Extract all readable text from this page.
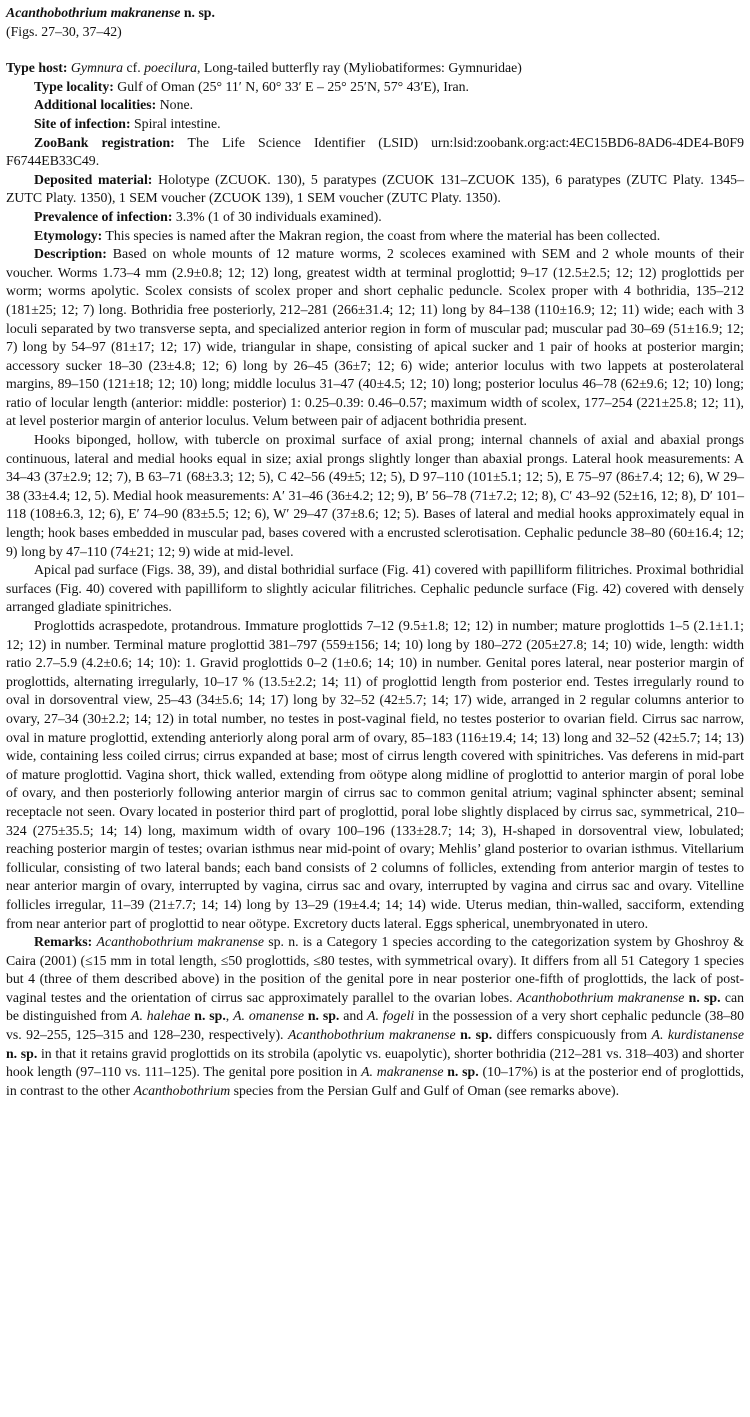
Acanthobothrium makranense n. sp.

(Figs. 27–30, 37–42)

Type host: Gymnura cf. poecilura, Long-tailed butterfly ray (Myliobatiformes: Gymnuridae)

Type locality: Gulf of Oman (25° 11′ N, 60° 33′ E – 25° 25′N, 57° 43′E), Iran.

Additional localities: None.

Site of infection: Spiral intestine.

ZooBank registration: The Life Science Identifier (LSID) urn:lsid:zoobank.org:act:4EC15BD6-8AD6-4DE4-B0F9 F6744EB33C49.

Deposited material: Holotype (ZCUOK. 130), 5 paratypes (ZCUOK 131–ZCUOK 135), 6 paratypes (ZUTC Platy. 1345–ZUTC Platy. 1350), 1 SEM voucher (ZCUOK 139), 1 SEM voucher (ZUTC Platy. 1350).

Prevalence of infection: 3.3% (1 of 30 individuals examined).

Etymology: This species is named after the Makran region, the coast from where the material has been collected.

Description: Based on whole mounts of 12 mature worms, 2 scoleces examined with SEM and 2 whole mounts of their voucher. Worms 1.73–4 mm (2.9±0.8; 12; 12) long, greatest width at terminal proglottid; 9–17 (12.5±2.5; 12; 12) proglottids per worm; worms apolytic. Scolex consists of scolex proper and short cephalic peduncle. Scolex proper with 4 bothridia, 135–212 (181±25; 12; 7) long. Bothridia free posteriorly, 212–281 (266±31.4; 12; 11) long by 84–138 (110±16.9; 12; 11) wide; each with 3 loculi separated by two transverse septa, and specialized anterior region in form of muscular pad; muscular pad 30–69 (51±16.9; 12; 7) long by 54–97 (81±17; 12; 17) wide, triangular in shape, consisting of apical sucker and 1 pair of hooks at posterior margin; accessory sucker 18–30 (23±4.8; 12; 6) long by 26–45 (36±7; 12; 6) wide; anterior loculus with two lappets at posterolateral margins, 89–150 (121±18; 12; 10) long; middle loculus 31–47 (40±4.5; 12; 10) long; posterior loculus 46–78 (62±9.6; 12; 10) long; ratio of locular length (anterior: middle: posterior) 1: 0.25–0.39: 0.46–0.57; maximum width of scolex, 177–254 (221±25.8; 12; 11), at level posterior margin of anterior loculus. Velum between pair of adjacent bothridia present.

Hooks biponged, hollow, with tubercle on proximal surface of axial prong; internal channels of axial and abaxial prongs continuous, lateral and medial hooks equal in size; axial prongs slightly longer than abaxial prongs. Lateral hook measurements: A 34–43 (37±2.9; 12; 7), B 63–71 (68±3.3; 12; 5), C 42–56 (49±5; 12; 5), D 97–110 (101±5.1; 12; 5), E 75–97 (86±7.4; 12; 6), W 29–38 (33±4.4; 12, 5). Medial hook measurements: A′ 31–46 (36±4.2; 12; 9), B′ 56–78 (71±7.2; 12; 8), C′ 43–92 (52±16, 12; 8), D′ 101–118 (108±6.3, 12; 6), E′ 74–90 (83±5.5; 12; 6), W′ 29–47 (37±8.6; 12; 5). Bases of lateral and medial hooks approximately equal in length; hook bases embedded in muscular pad, bases covered with a encrusted sclerotisation. Cephalic peduncle 38–80 (60±16.4; 12; 9) long by 47–110 (74±21; 12; 9) wide at mid-level.

Apical pad surface (Figs. 38, 39), and distal bothridial surface (Fig. 41) covered with papilliform filitriches. Proximal bothridial surfaces (Fig. 40) covered with papilliform to slightly acicular filitriches. Cephalic peduncle surface (Fig. 42) covered with densely arranged gladiate spinitriches.

Proglottids acraspedote, protandrous. Immature proglottids 7–12 (9.5±1.8; 12; 12) in number; mature proglottids 1–5 (2.1±1.1; 12; 12) in number. Terminal mature proglottid 381–797 (559±156; 14; 10) long by 180–272 (205±27.8; 14; 10) wide, length: width ratio 2.7–5.9 (4.2±0.6; 14; 10): 1. Gravid proglottids 0–2 (1±0.6; 14; 10) in number. Genital pores lateral, near posterior margin of proglottids, alternating irregularly, 10–17 % (13.5±2.2; 14; 11) of proglottid length from posterior end. Testes irregularly round to oval in dorsoventral view, 25–43 (34±5.6; 14; 17) long by 32–52 (42±5.7; 14; 17) wide, arranged in 2 regular columns anterior to ovary, 27–34 (30±2.2; 14; 12) in total number, no testes in post-vaginal field, no testes posterior to ovarian field. Cirrus sac narrow, oval in mature proglottid, extending anteriorly along poral arm of ovary, 85–183 (116±19.4; 14; 13) long and 32–52 (42±5.7; 14; 13) wide, containing less coiled cirrus; cirrus expanded at base; most of cirrus length covered with spinitriches. Vas deferens in mid-part of mature proglottid. Vagina short, thick walled, extending from oötype along midline of proglottid to anterior margin of poral lobe of ovary, and then posteriorly following anterior margin of cirrus sac to common genital atrium; vaginal sphincter absent; seminal receptacle not seen. Ovary located in posterior third part of proglottid, poral lobe slightly displaced by cirrus sac, symmetrical, 210–324 (275±35.5; 14; 14) long, maximum width of ovary 100–196 (133±28.7; 14; 3), H-shaped in dorsoventral view, lobulated; reaching posterior margin of testes; ovarian isthmus near mid-point of ovary; Mehlis’ gland posterior to ovarian isthmus. Vitellarium follicular, consisting of two lateral bands; each band consists of 2 columns of follicles, extending from anterior margin of testes to near anterior margin of ovary, interrupted by vagina, cirrus sac and ovary, interrupted by vagina and cirrus sac and ovary. Vitelline follicles irregular, 11–39 (21±7.7; 14; 14) long by 13–29 (19±4.4; 14; 14) wide. Uterus median, thin-walled, sacciform, extending from near anterior part of proglottid to near oötype. Excretory ducts lateral. Eggs spherical, unembryonated in utero.

Remarks: Acanthobothrium makranense sp. n. is a Category 1 species according to the categorization system by Ghoshroy & Caira (2001) (≤15 mm in total length, ≤50 proglottids, ≤80 testes, with symmetrical ovary). It differs from all 51 Category 1 species but 4 (three of them described above) in the position of the genital pore in near posterior one-fifth of proglottids, the lack of post-vaginal testes and the orientation of cirrus sac approximately parallel to the ovarian lobes. Acanthobothrium makranense n. sp. can be distinguished from A. halehae n. sp., A. omanense n. sp. and A. fogeli in the possession of a very short cephalic peduncle (38–80 vs. 92–255, 125–315 and 128–230, respectively). Acanthobothrium makranense n. sp. differs conspicuously from A. kurdistanense n. sp. in that it retains gravid proglottids on its strobila (apolytic vs. euapolytic), shorter bothridia (212–281 vs. 318–403) and shorter hook length (97–110 vs. 111–125). The genital pore position in A. makranense n. sp. (10–17%) is at the posterior end of proglottids, in contrast to the other Acanthobothrium species from the Persian Gulf and Gulf of Oman (see remarks above).
